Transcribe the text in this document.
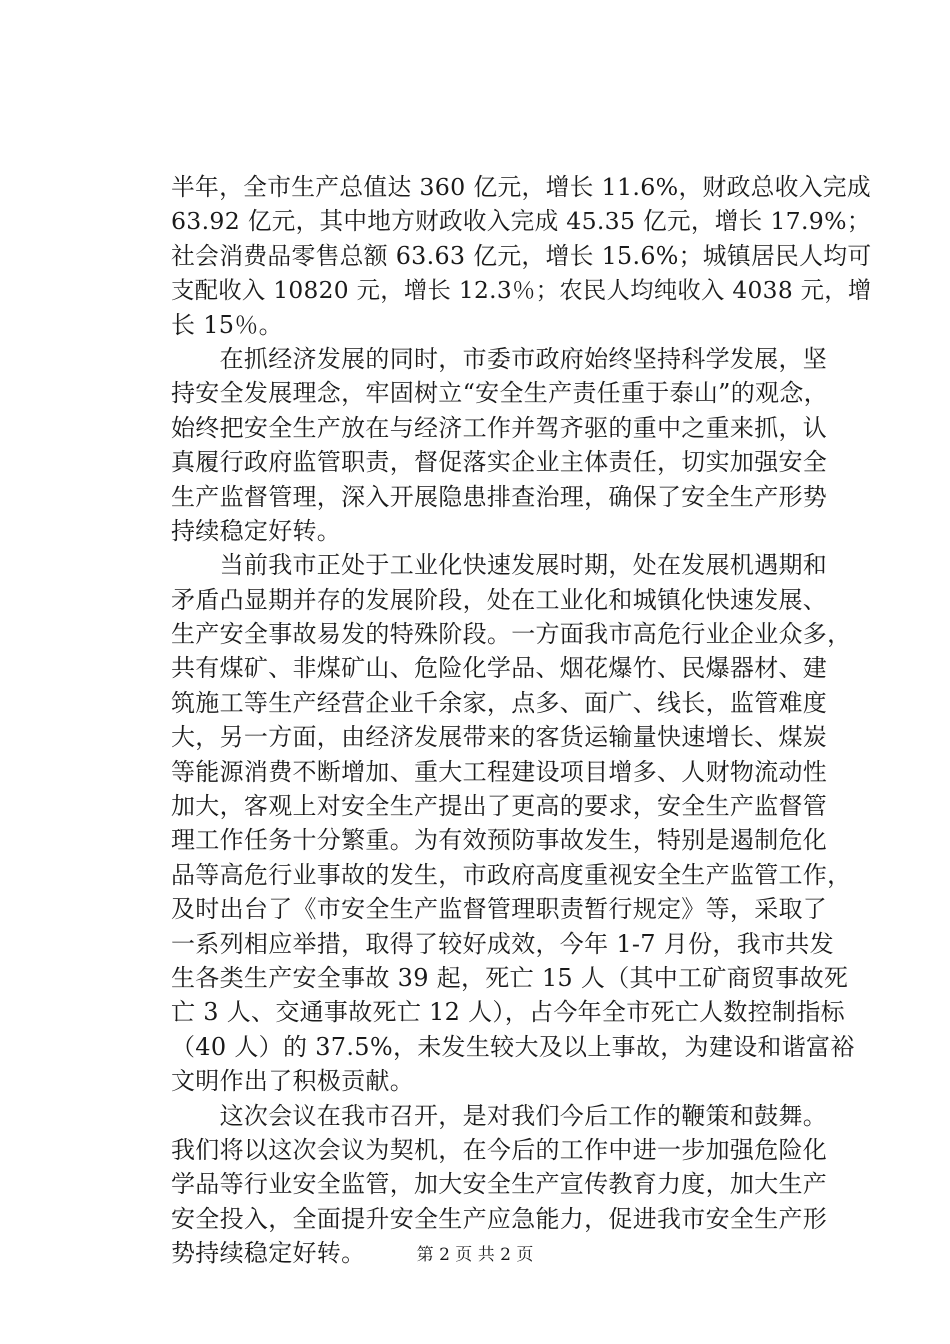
半年，全市生产总值达 360 亿元，增长 11.6%，财政总收入完成
63.92 亿元，其中地方财政收入完成 45.35 亿元，增长 17.9%；
社会消费品零售总额 63.63 亿元，增长 15.6%；城镇居民人均可
支配收入 10820 元，增长 12.3％；农民人均纯收入 4038 元，增
长 15％。
　　在抓经济发展的同时，市委市政府始终坚持科学发展，坚
持安全发展理念，牢固树立“安全生产责任重于泰山”的观念，
始终把安全生产放在与经济工作并驾齐驱的重中之重来抓，认
真履行政府监管职责，督促落实企业主体责任，切实加强安全
生产监督管理，深入开展隐患排查治理，确保了安全生产形势
持续稳定好转。
　　当前我市正处于工业化快速发展时期，处在发展机遇期和
矛盾凸显期并存的发展阶段，处在工业化和城镇化快速发展、
生产安全事故易发的特殊阶段。一方面我市高危行业企业众多，
共有煤矿、非煤矿山、危险化学品、烟花爆竹、民爆器材、建
筑施工等生产经营企业千余家，点多、面广、线长，监管难度
大，另一方面，由经济发展带来的客货运输量快速增长、煤炭
等能源消费不断增加、重大工程建设项目增多、人财物流动性
加大，客观上对安全生产提出了更高的要求，安全生产监督管
理工作任务十分繁重。为有效预防事故发生，特别是遏制危化
品等高危行业事故的发生，市政府高度重视安全生产监管工作，
及时出台了《市安全生产监督管理职责暂行规定》等，采取了
一系列相应举措，取得了较好成效，今年 1-7 月份，我市共发
生各类生产安全事故 39 起，死亡 15 人（其中工矿商贸事故死
亡 3 人、交通事故死亡 12 人），占今年全市死亡人数控制指标
（40 人）的 37.5%，未发生较大及以上事故，为建设和谐富裕
文明作出了积极贡献。
　　这次会议在我市召开，是对我们今后工作的鞭策和鼓舞。
我们将以这次会议为契机，在今后的工作中进一步加强危险化
学品等行业安全监管，加大安全生产宣传教育力度，加大生产
安全投入，全面提升安全生产应急能力，促进我市安全生产形
势持续稳定好转。	第 2 页 共 2 页
